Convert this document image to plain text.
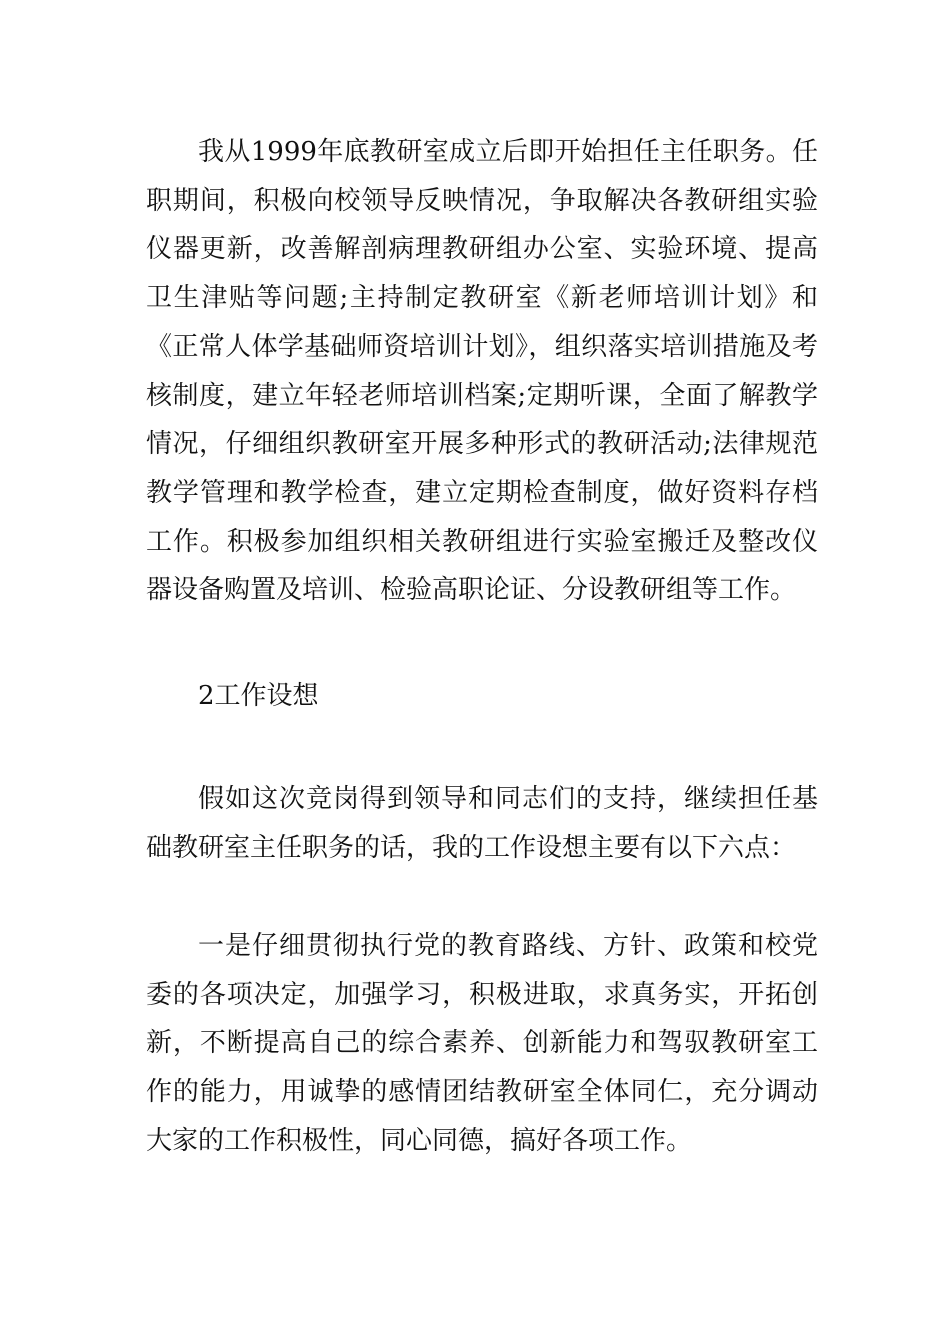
我从1999年底教研室成立后即开始担任主任职务。任职期间，积极向校领导反映情况，争取解决各教研组实验仪器更新，改善解剖病理教研组办公室、实验环境、提高卫生津贴等问题;主持制定教研室《新老师培训计划》和《正常人体学基础师资培训计划》，组织落实培训措施及考核制度，建立年轻老师培训档案;定期听课，全面了解教学情况，仔细组织教研室开展多种形式的教研活动;法律规范教学管理和教学检查，建立定期检查制度，做好资料存档工作。积极参加组织相关教研组进行实验室搬迁及整改仪器设备购置及培训、检验高职论证、分设教研组等工作。

2工作设想

假如这次竞岗得到领导和同志们的支持，继续担任基础教研室主任职务的话，我的工作设想主要有以下六点：

一是仔细贯彻执行党的教育路线、方针、政策和校党委的各项决定，加强学习，积极进取，求真务实，开拓创新，不断提高自己的综合素养、创新能力和驾驭教研室工作的能力，用诚挚的感情团结教研室全体同仁，充分调动大家的工作积极性，同心同德，搞好各项工作。
